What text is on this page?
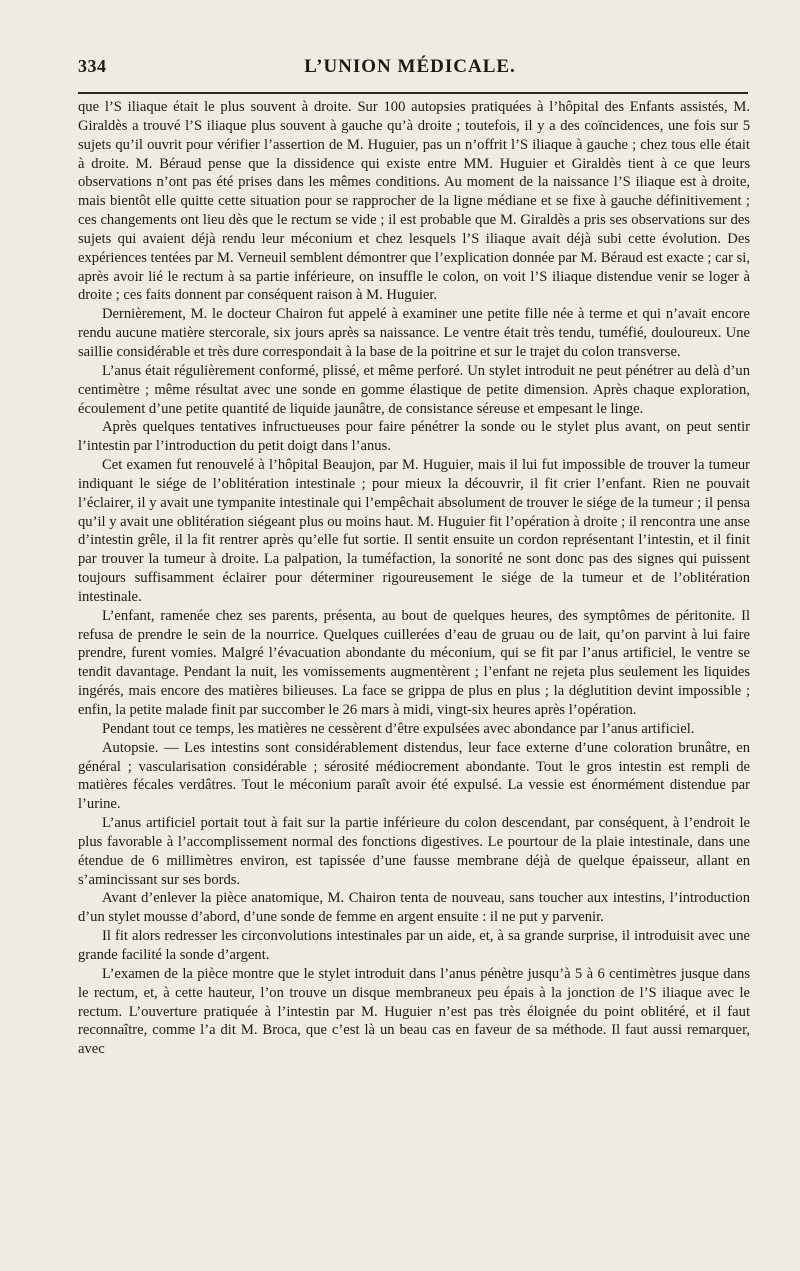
334	L’UNION MÉDICALE.

que l’S iliaque était le plus souvent à droite. Sur 100 autopsies pratiquées à l’hôpital des Enfants assistés, M. Giraldès a trouvé l’S iliaque plus souvent à gauche qu’à droite ; toutefois, il y a des coïncidences, une fois sur 5 sujets qu’il ouvrit pour vérifier l’assertion de M. Huguier, pas un n’offrit l’S iliaque à gauche ; chez tous elle était à droite. M. Béraud pense que la dissidence qui existe entre MM. Huguier et Giraldès tient à ce que leurs observations n’ont pas été prises dans les mêmes conditions. Au moment de la naissance l’S iliaque est à droite, mais bientôt elle quitte cette situation pour se rapprocher de la ligne médiane et se fixe à gauche définitivement ; ces changements ont lieu dès que le rectum se vide ; il est probable que M. Giraldès a pris ses observations sur des sujets qui avaient déjà rendu leur méconium et chez lesquels l’S iliaque avait déjà subi cette évolution. Des expériences tentées par M. Verneuil semblent démontrer que l’explication donnée par M. Béraud est exacte ; car si, après avoir lié le rectum à sa partie inférieure, on insuffle le colon, on voit l’S iliaque distendue venir se loger à droite ; ces faits donnent par conséquent raison à M. Huguier.

Dernièrement, M. le docteur Chairon fut appelé à examiner une petite fille née à terme et qui n’avait encore rendu aucune matière stercorale, six jours après sa naissance. Le ventre était très tendu, tuméfié, douloureux. Une saillie considérable et très dure correspondait à la base de la poitrine et sur le trajet du colon transverse.

L’anus était régulièrement conformé, plissé, et même perforé. Un stylet introduit ne peut pénétrer au delà d’un centimètre ; même résultat avec une sonde en gomme élastique de petite dimension. Après chaque exploration, écoulement d’une petite quantité de liquide jaunâtre, de consistance séreuse et empesant le linge.

Après quelques tentatives infructueuses pour faire pénétrer la sonde ou le stylet plus avant, on peut sentir l’intestin par l’introduction du petit doigt dans l’anus.

Cet examen fut renouvelé à l’hôpital Beaujon, par M. Huguier, mais il lui fut impossible de trouver la tumeur indiquant le siége de l’oblitération intestinale ; pour mieux la découvrir, il fit crier l’enfant. Rien ne pouvait l’éclairer, il y avait une tympanite intestinale qui l’empêchait absolument de trouver le siége de la tumeur ; il pensa qu’il y avait une oblitération siégeant plus ou moins haut. M. Huguier fit l’opération à droite ; il rencontra une anse d’intestin grêle, il la fit rentrer après qu’elle fut sortie. Il sentit ensuite un cordon représentant l’intestin, et il finit par trouver la tumeur à droite. La palpation, la tuméfaction, la sonorité ne sont donc pas des signes qui puissent toujours suffisamment éclairer pour déterminer rigoureusement le siége de la tumeur et de l’oblitération intestinale.

L’enfant, ramenée chez ses parents, présenta, au bout de quelques heures, des symptômes de péritonite. Il refusa de prendre le sein de la nourrice. Quelques cuillerées d’eau de gruau ou de lait, qu’on parvint à lui faire prendre, furent vomies. Malgré l’évacuation abondante du méconium, qui se fit par l’anus artificiel, le ventre se tendit davantage. Pendant la nuit, les vomissements augmentèrent ; l’enfant ne rejeta plus seulement les liquides ingérés, mais encore des matières bilieuses. La face se grippa de plus en plus ; la déglutition devint impossible ; enfin, la petite malade finit par succomber le 26 mars à midi, vingt-six heures après l’opération.

Pendant tout ce temps, les matières ne cessèrent d’être expulsées avec abondance par l’anus artificiel.

Autopsie. — Les intestins sont considérablement distendus, leur face externe d’une coloration brunâtre, en général ; vascularisation considérable ; sérosité médiocrement abondante. Tout le gros intestin est rempli de matières fécales verdâtres. Tout le méconium paraît avoir été expulsé. La vessie est énormément distendue par l’urine.

L’anus artificiel portait tout à fait sur la partie inférieure du colon descendant, par conséquent, à l’endroit le plus favorable à l’accomplissement normal des fonctions digestives. Le pourtour de la plaie intestinale, dans une étendue de 6 millimètres environ, est tapissée d’une fausse membrane déjà de quelque épaisseur, allant en s’amincissant sur ses bords.

Avant d’enlever la pièce anatomique, M. Chairon tenta de nouveau, sans toucher aux intestins, l’introduction d’un stylet mousse d’abord, d’une sonde de femme en argent ensuite : il ne put y parvenir.

Il fit alors redresser les circonvolutions intestinales par un aide, et, à sa grande surprise, il introduisit avec une grande facilité la sonde d’argent.

L’examen de la pièce montre que le stylet introduit dans l’anus pénètre jusqu’à 5 à 6 centimètres jusque dans le rectum, et, à cette hauteur, l’on trouve un disque membraneux peu épais à la jonction de l’S iliaque avec le rectum. L’ouverture pratiquée à l’intestin par M. Huguier n’est pas très éloignée du point oblitéré, et il faut reconnaître, comme l’a dit M. Broca, que c’est là un beau cas en faveur de sa méthode. Il faut aussi remarquer, avec
